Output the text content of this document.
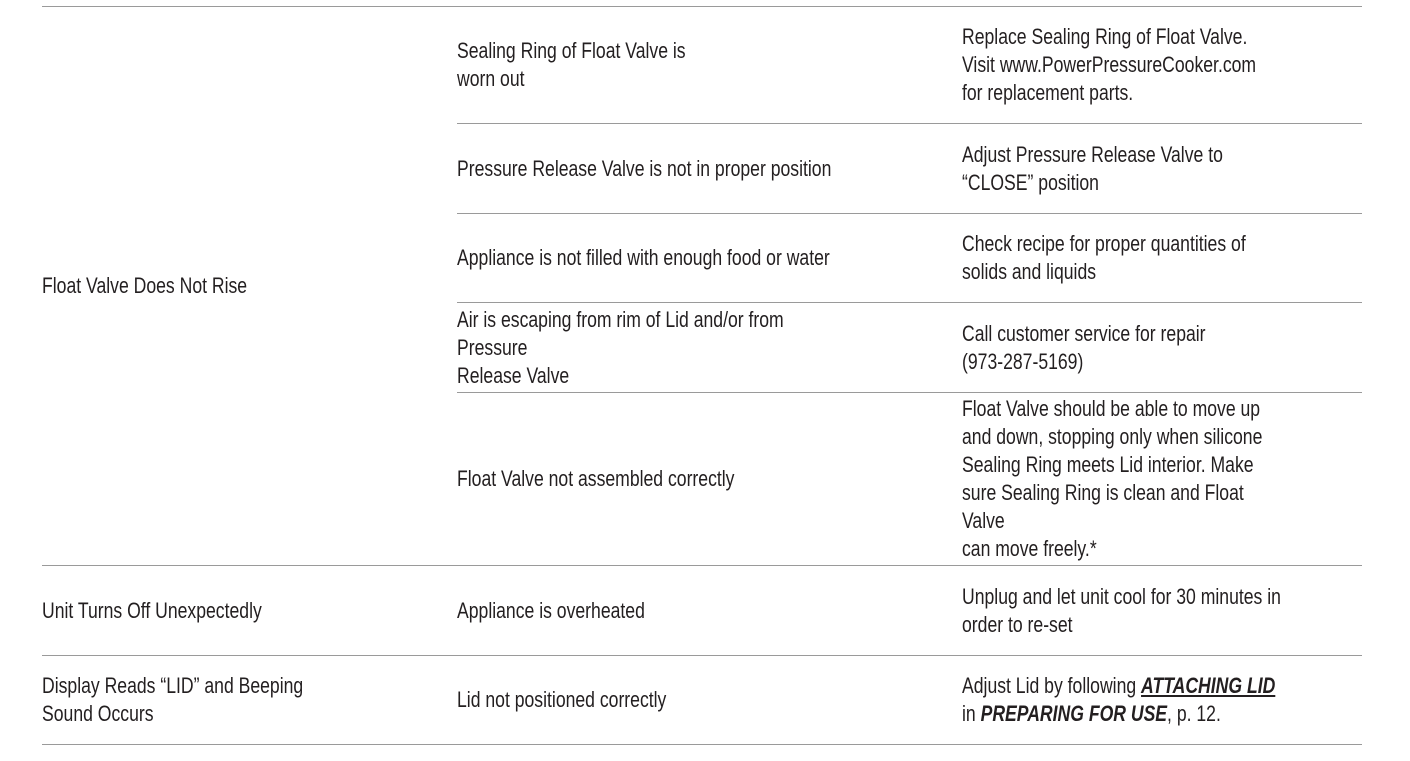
Float Valve Does Not Rise
Sealing Ring of Float Valve is
worn out
Replace Sealing Ring of Float Valve.
Visit www.PowerPressureCooker.com
for replacement parts.
Pressure Release Valve is not in proper position
Adjust Pressure Release Valve to
“CLOSE” position
Appliance is not filled with enough food or water
Check recipe for proper quantities of
solids and liquids
Air is escaping from rim of Lid and/or from Pressure
Release Valve
Call customer service for repair
(973-287-5169)
Float Valve not assembled correctly
Float Valve should be able to move up
and down, stopping only when silicone
Sealing Ring meets Lid interior. Make
sure Sealing Ring is clean and Float Valve
can move freely.*
Unit Turns Off Unexpectedly	Appliance is overheated
Unplug and let unit cool for 30 minutes in
order to re-set
Display Reads “LID” and Beeping
Sound Occurs
Lid not positioned correctly
Adjust Lid by following ATTACHING LID
in PREPARING FOR USE, p. 12.
